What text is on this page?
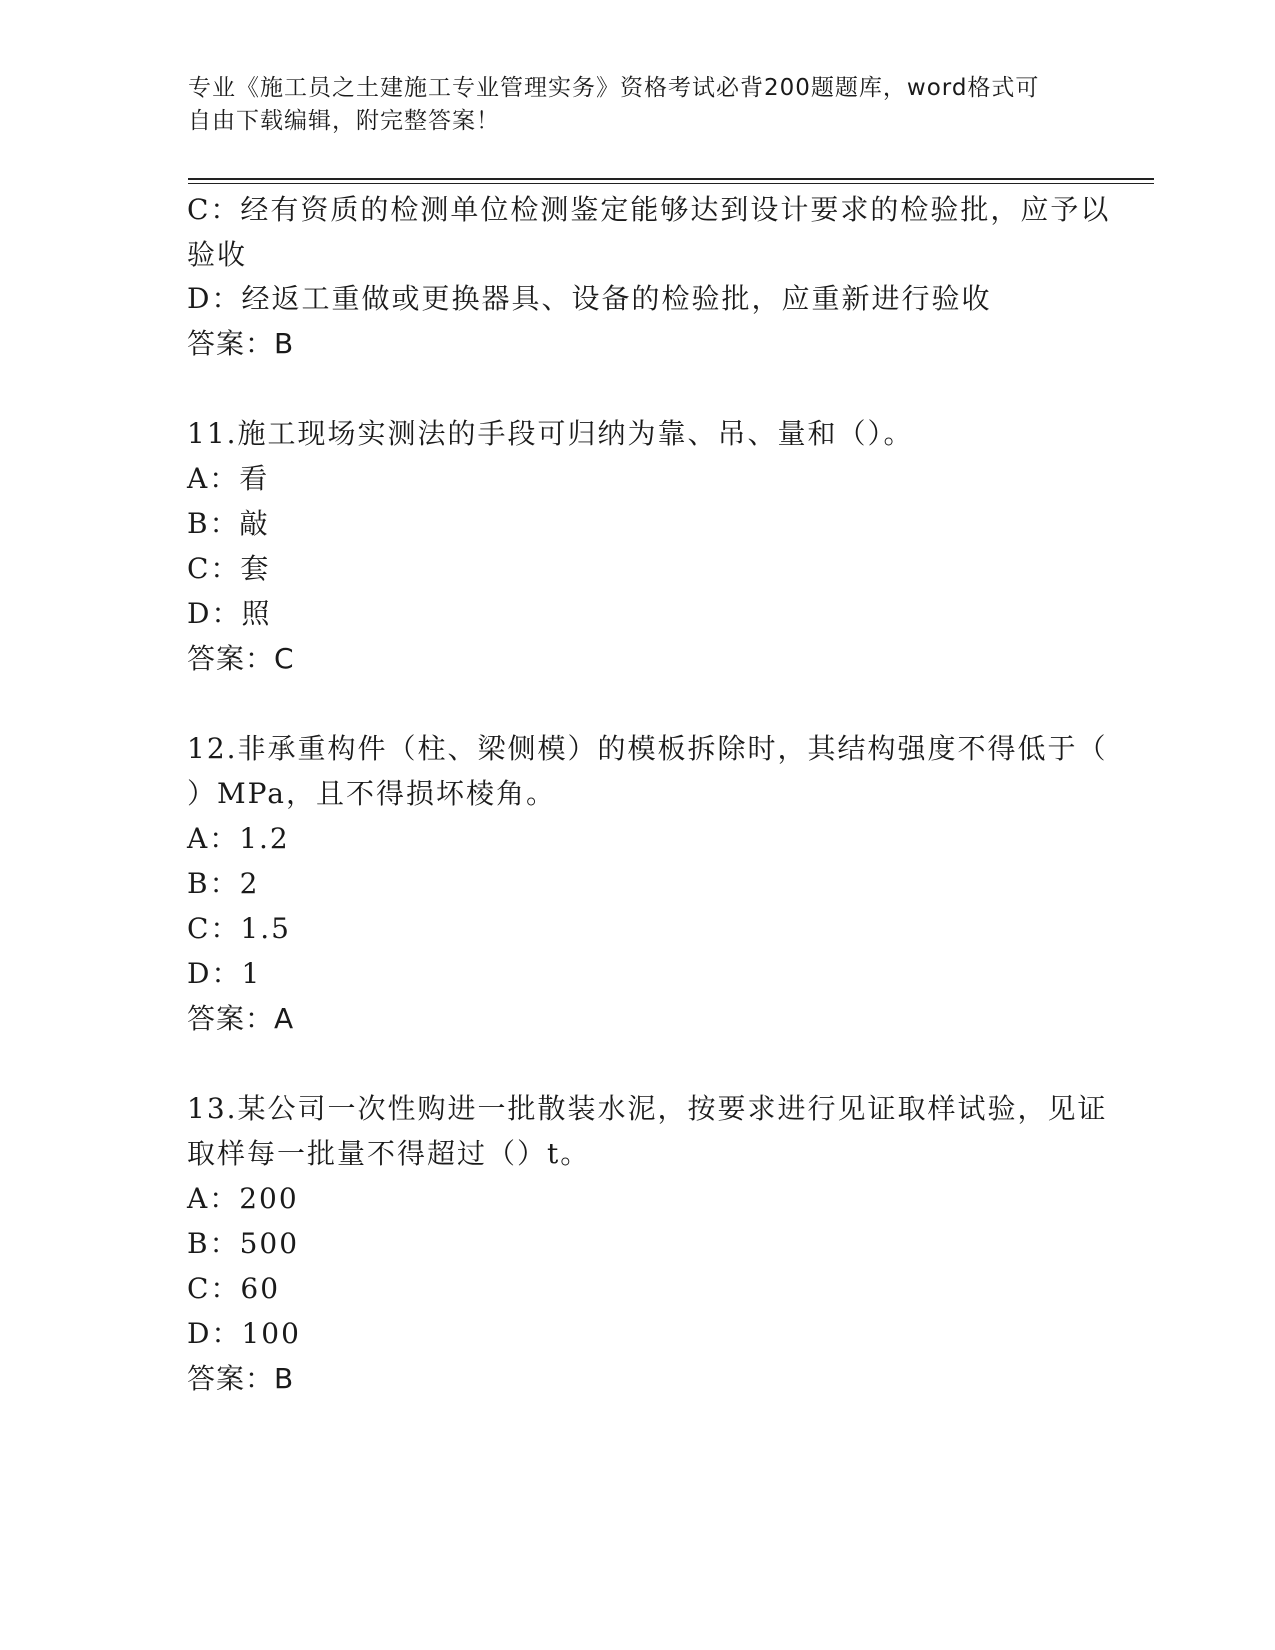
专业《施工员之土建施工专业管理实务》资格考试必背200题题库，word格式可
自由下载编辑，附完整答案！
C：经有资质的检测单位检测鉴定能够达到设计要求的检验批，应予以
验收
D：经返工重做或更换器具、设备的检验批，应重新进行验收
答案：B
11.施工现场实测法的手段可归纳为靠、吊、量和（）。
A：看
B：敲
C：套
D：照
答案：C
12.非承重构件（柱、梁侧模）的模板拆除时，其结构强度不得低于（
）MPa，且不得损坏棱角。
A：1.2
B：2
C：1.5
D：1
答案：A
13.某公司一次性购进一批散装水泥，按要求进行见证取样试验，见证
取样每一批量不得超过（）t。
A：200
B：500
C：60
D：100
答案：B
